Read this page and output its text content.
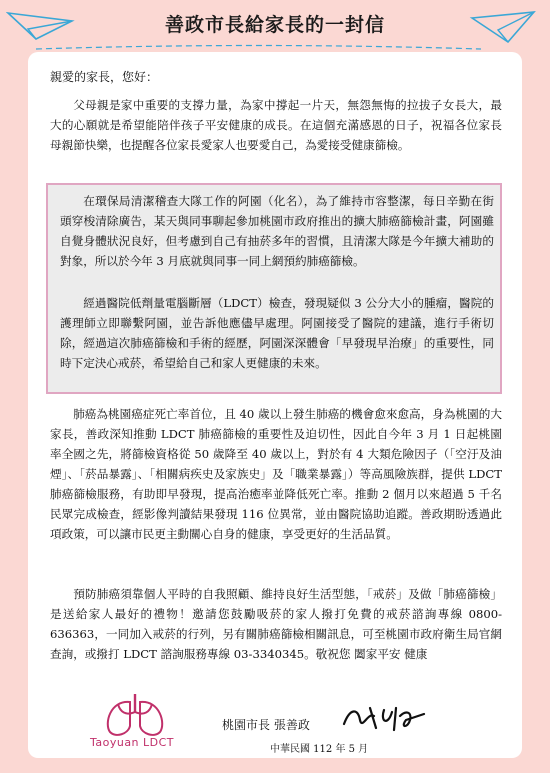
善政市長給家長的一封信
親愛的家長，您好：

父母親是家中重要的支撐力量，為家中撐起一片天，無怨無悔的拉拔子女長大，最大的心願就是希望能陪伴孩子平安健康的成長。在這個充滿感恩的日子，祝福各位家長母親節快樂，也提醒各位家長愛家人也要愛自己，為愛接受健康篩檢。

在環保局清潔稽查大隊工作的阿園（化名），為了維持市容整潔，每日辛勤在街頭穿梭清除廣告，某天與同事聊起參加桃園市政府推出的擴大肺癌篩檢計畫，阿園雖自覺身體狀況良好，但考慮到自己有抽菸多年的習慣，且清潔大隊是今年擴大補助的對象，所以於今年 3 月底就與同事一同上網預約肺癌篩檢。

經過醫院低劑量電腦斷層（LDCT）檢查，發現疑似 3 公分大小的腫瘤，醫院的護理師立即聯繫阿園，並告訴他應儘早處理。阿園接受了醫院的建議，進行手術切除，經過這次肺癌篩檢和手術的經歷，阿園深深體會「早發現早治療」的重要性，同時下定決心戒菸，希望給自己和家人更健康的未來。

肺癌為桃園癌症死亡率首位，且 40 歲以上發生肺癌的機會愈來愈高，身為桃園的大家長，善政深知推動 LDCT 肺癌篩檢的重要性及迫切性，因此自今年 3 月 1 日起桃園率全國之先，將篩檢資格從 50 歲降至 40 歲以上，對於有 4 大類危險因子（「空汙及油煙」、「菸品暴露」、「相關病疾史及家族史」及「職業暴露」）等高風險族群，提供 LDCT 肺癌篩檢服務，有助即早發現，提高治癒率並降低死亡率。推動 2 個月以來超過 5 千名民眾完成檢查，經影像判讀結果發現 116 位異常，並由醫院協助追蹤。善政期盼透過此項政策，可以讓市民更主動關心自身的健康，享受更好的生活品質。

預防肺癌須靠個人平時的自我照顧、維持良好生活型態，「戒菸」及做「肺癌篩檢」是送給家人最好的禮物！邀請您鼓勵吸菸的家人撥打免費的戒菸諮詢專線 0800-636363，一同加入戒菸的行列，另有關肺癌篩檢相關訊息，可至桃園市政府衛生局官網查詢，或撥打 LDCT 諮詢服務專線 03-3340345。敬祝您 闔家平安 健康

Taoyuan LDCT
桃園市長 張善政
中華民國 112 年 5 月
